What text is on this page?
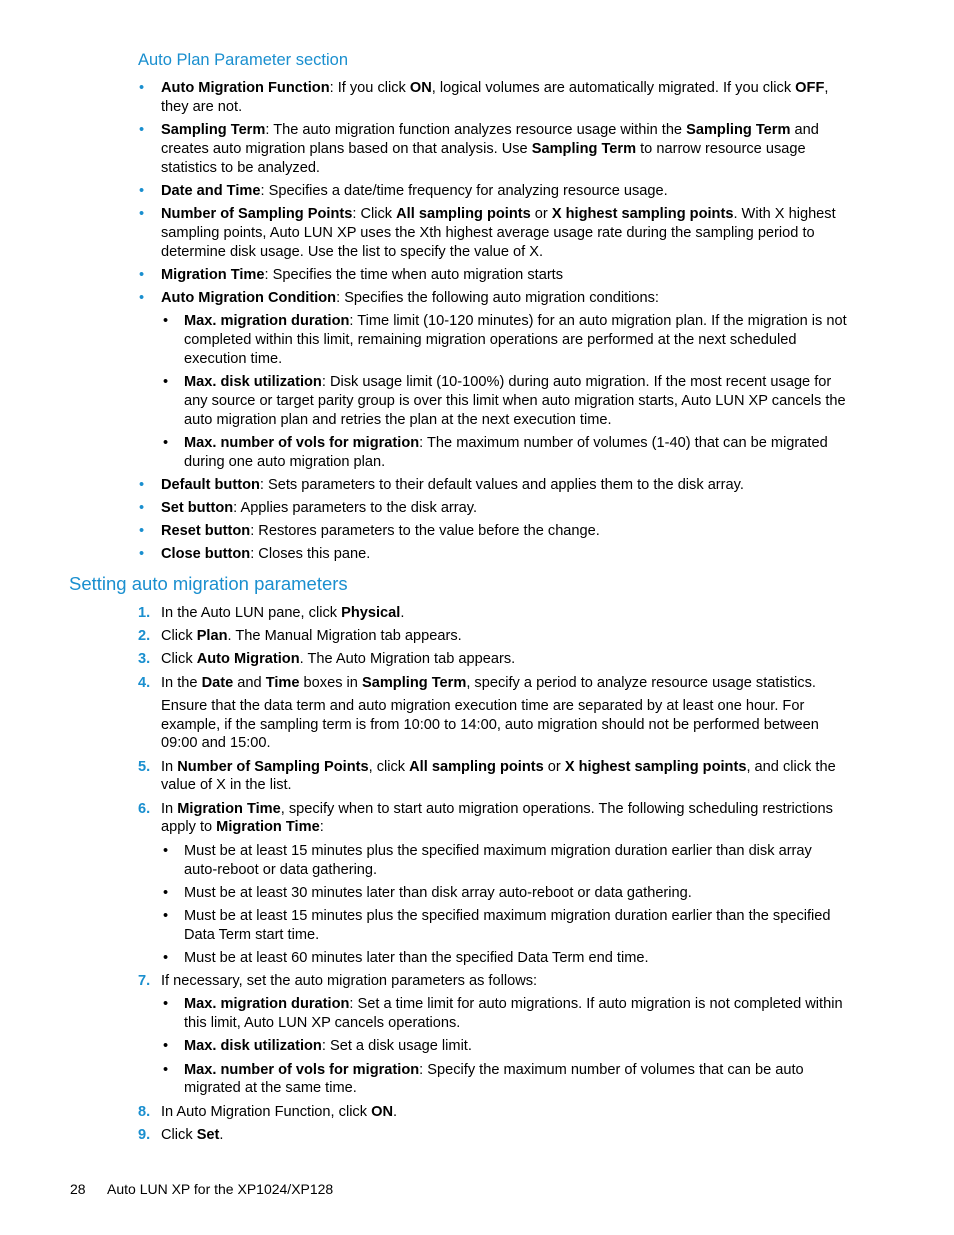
Auto Plan Parameter section
• Auto Migration Function: If you click ON, logical volumes are automatically migrated. If you click OFF, they are not.
• Sampling Term: The auto migration function analyzes resource usage within the Sampling Term and creates auto migration plans based on that analysis. Use Sampling Term to narrow resource usage statistics to be analyzed.
• Date and Time: Specifies a date/time frequency for analyzing resource usage.
• Number of Sampling Points: Click All sampling points or X highest sampling points. With X highest sampling points, Auto LUN XP uses the Xth highest average usage rate during the sampling period to determine disk usage. Use the list to specify the value of X.
• Migration Time: Specifies the time when auto migration starts
• Auto Migration Condition: Specifies the following auto migration conditions:
• Max. migration duration: Time limit (10-120 minutes) for an auto migration plan. If the migration is not completed within this limit, remaining migration operations are performed at the next scheduled execution time.
• Max. disk utilization: Disk usage limit (10-100%) during auto migration. If the most recent usage for any source or target parity group is over this limit when auto migration starts, Auto LUN XP cancels the auto migration plan and retries the plan at the next execution time.
• Max. number of vols for migration: The maximum number of volumes (1-40) that can be migrated during one auto migration plan.
• Default button: Sets parameters to their default values and applies them to the disk array.
• Set button: Applies parameters to the disk array.
• Reset button: Restores parameters to the value before the change.
• Close button: Closes this pane.
Setting auto migration parameters
1. In the Auto LUN pane, click Physical.
2. Click Plan. The Manual Migration tab appears.
3. Click Auto Migration. The Auto Migration tab appears.
4. In the Date and Time boxes in Sampling Term, specify a period to analyze resource usage statistics.
Ensure that the data term and auto migration execution time are separated by at least one hour. For example, if the sampling term is from 10:00 to 14:00, auto migration should not be performed between 09:00 and 15:00.
5. In Number of Sampling Points, click All sampling points or X highest sampling points, and click the value of X in the list.
6. In Migration Time, specify when to start auto migration operations. The following scheduling restrictions apply to Migration Time:
• Must be at least 15 minutes plus the specified maximum migration duration earlier than disk array auto-reboot or data gathering.
• Must be at least 30 minutes later than disk array auto-reboot or data gathering.
• Must be at least 15 minutes plus the specified maximum migration duration earlier than the specified Data Term start time.
• Must be at least 60 minutes later than the specified Data Term end time.
7. If necessary, set the auto migration parameters as follows:
• Max. migration duration: Set a time limit for auto migrations. If auto migration is not completed within this limit, Auto LUN XP cancels operations.
• Max. disk utilization: Set a disk usage limit.
• Max. number of vols for migration: Specify the maximum number of volumes that can be auto migrated at the same time.
8. In Auto Migration Function, click ON.
9. Click Set.
28 Auto LUN XP for the XP1024/XP128
